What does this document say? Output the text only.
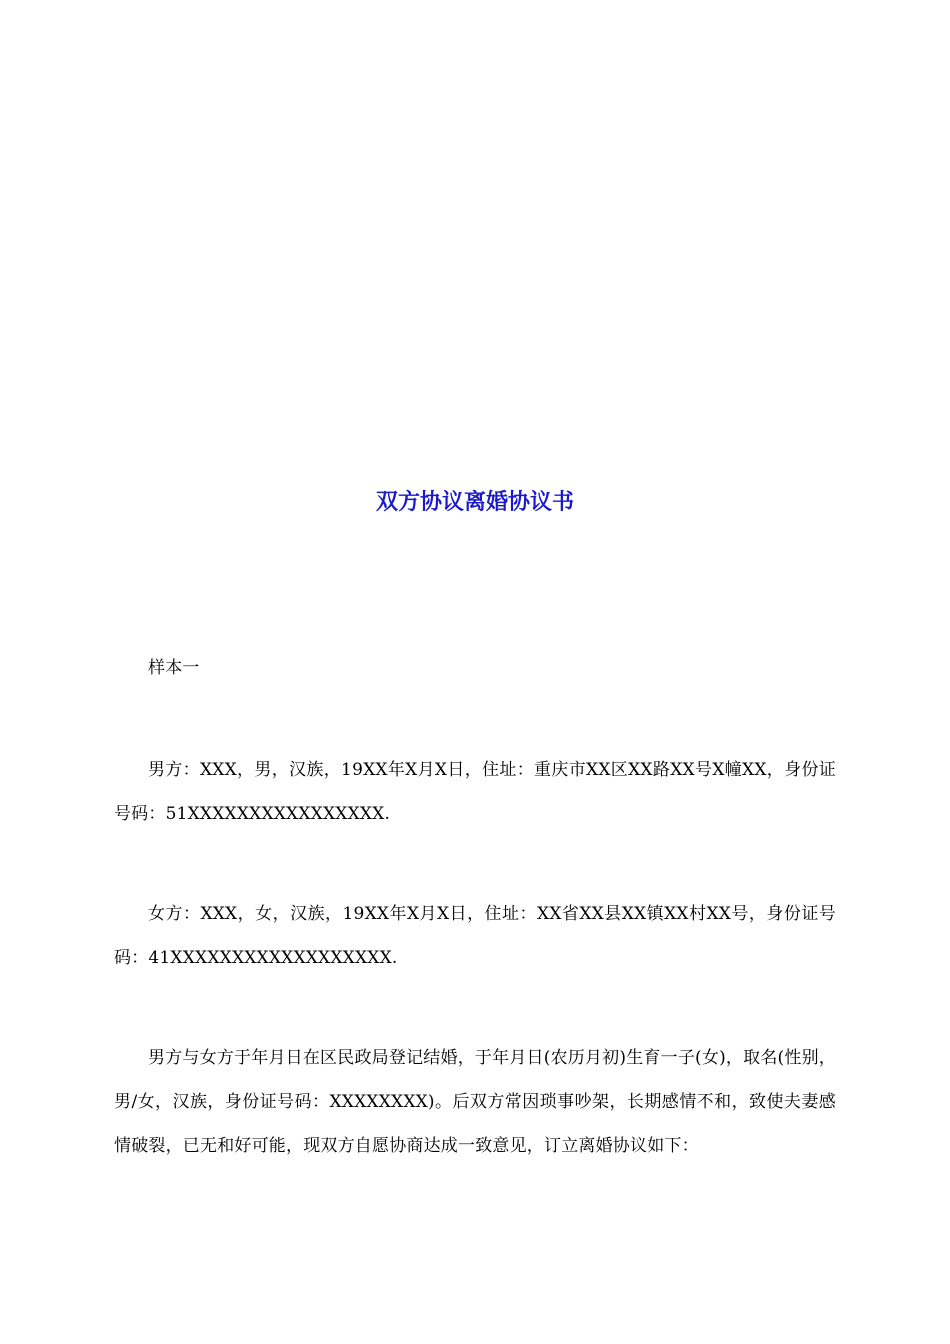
双方协议离婚协议书

样本一

男方：XXX，男，汉族，19XX年X月X日，住址：重庆市XX区XX路XX号X幢XX，身份证号码：51XXXXXXXXXXXXXXXX.

女方：XXX，女，汉族，19XX年X月X日，住址：XX省XX县XX镇XX村XX号，身份证号码：41XXXXXXXXXXXXXXXXXX.

男方与女方于年月日在区民政局登记结婚，于年月日(农历月初)生育一子(女)，取名(性别，男/女，汉族，身份证号码：XXXXXXXX)。后双方常因琐事吵架，长期感情不和，致使夫妻感情破裂，已无和好可能，现双方自愿协商达成一致意见，订立离婚协议如下：
